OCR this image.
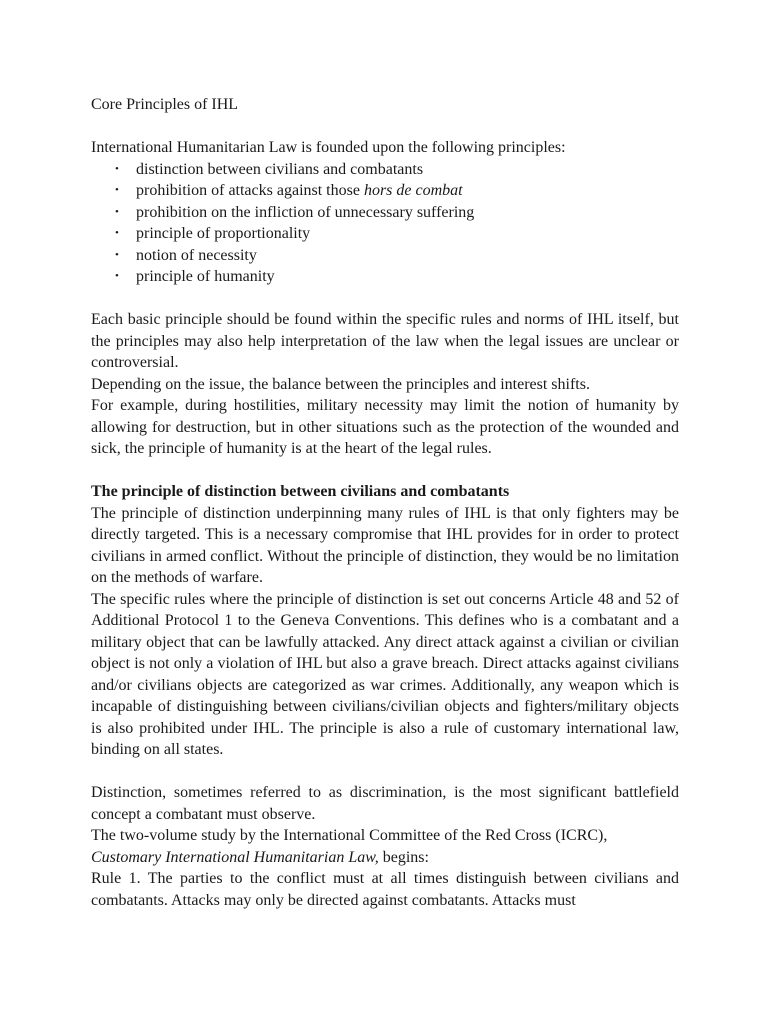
Core Principles of IHL
International Humanitarian Law is founded upon the following principles:
• distinction between civilians and combatants
• prohibition of attacks against those hors de combat
• prohibition on the infliction of unnecessary suffering
• principle of proportionality
• notion of necessity
• principle of humanity

Each basic principle should be found within the specific rules and norms of IHL itself, but the principles may also help interpretation of the law when the legal issues are unclear or controversial.

Depending on the issue, the balance between the principles and interest shifts.

For example, during hostilities, military necessity may limit the notion of humanity by allowing for destruction, but in other situations such as the protection of the wounded and sick, the principle of humanity is at the heart of the legal rules.

The principle of distinction between civilians and combatants

The principle of distinction underpinning many rules of IHL is that only fighters may be directly targeted. This is a necessary compromise that IHL provides for in order to protect civilians in armed conflict. Without the principle of distinction, they would be no limitation on the methods of warfare.

The specific rules where the principle of distinction is set out concerns Article 48 and 52 of Additional Protocol 1 to the Geneva Conventions. This defines who is a combatant and a military object that can be lawfully attacked. Any direct attack against a civilian or civilian object is not only a violation of IHL but also a grave breach. Direct attacks against civilians and/or civilians objects are categorized as war crimes. Additionally, any weapon which is incapable of distinguishing between civilians/civilian objects and fighters/military objects is also prohibited under IHL. The principle is also a rule of customary international law, binding on all states.

Distinction, sometimes referred to as discrimination, is the most significant battlefield concept a combatant must observe.

The two-volume study by the International Committee of the Red Cross (ICRC),
Customary International Humanitarian Law, begins:

Rule 1. The parties to the conflict must at all times distinguish between civilians and combatants. Attacks may only be directed against combatants. Attacks must
